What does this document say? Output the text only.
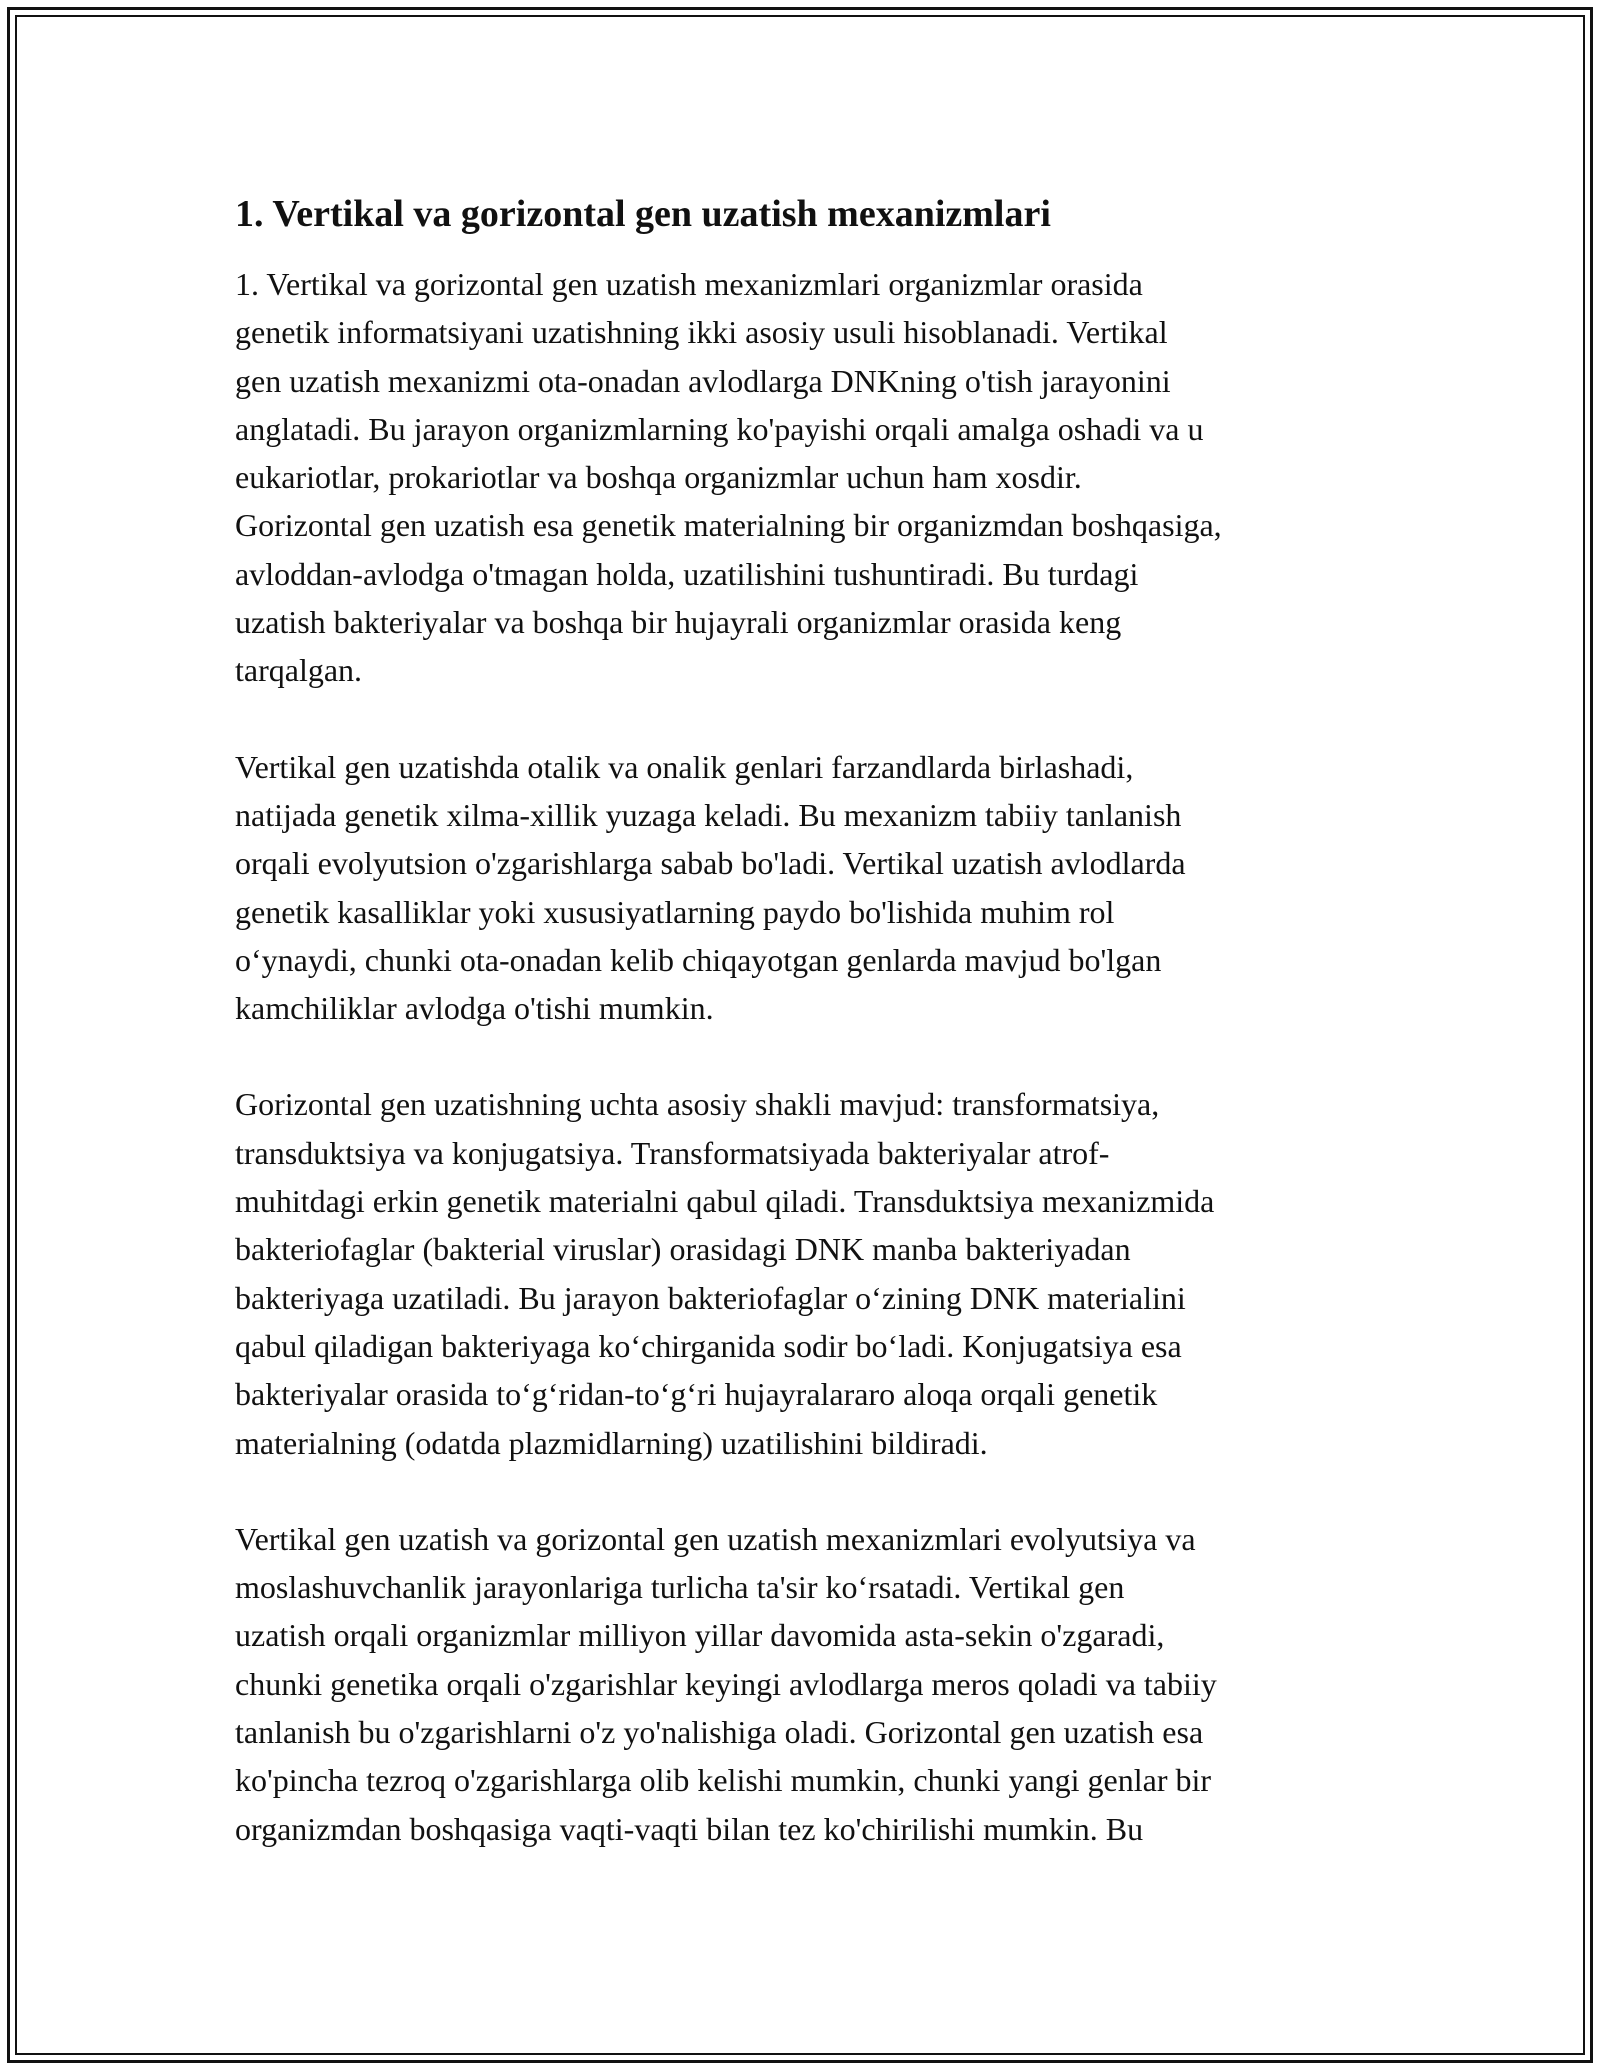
1. Vertikal va gorizontal gen uzatish mexanizmlari

1. Vertikal va gorizontal gen uzatish mexanizmlari organizmlar orasida
genetik informatsiyani uzatishning ikki asosiy usuli hisoblanadi. Vertikal
gen uzatish mexanizmi ota-onadan avlodlarga DNKning o'tish jarayonini
anglatadi. Bu jarayon organizmlarning ko'payishi orqali amalga oshadi va u
eukariotlar, prokariotlar va boshqa organizmlar uchun ham xosdir.
Gorizontal gen uzatish esa genetik materialning bir organizmdan boshqasiga,
avloddan-avlodga o'tmagan holda, uzatilishini tushuntiradi. Bu turdagi
uzatish bakteriyalar va boshqa bir hujayrali organizmlar orasida keng
tarqalgan.

Vertikal gen uzatishda otalik va onalik genlari farzandlarda birlashadi,
natijada genetik xilma-xillik yuzaga keladi. Bu mexanizm tabiiy tanlanish
orqali evolyutsion o'zgarishlarga sabab bo'ladi. Vertikal uzatish avlodlarda
genetik kasalliklar yoki xususiyatlarning paydo bo'lishida muhim rol
o‘ynaydi, chunki ota-onadan kelib chiqayotgan genlarda mavjud bo'lgan
kamchiliklar avlodga o'tishi mumkin.

Gorizontal gen uzatishning uchta asosiy shakli mavjud: transformatsiya,
transduktsiya va konjugatsiya. Transformatsiyada bakteriyalar atrof-
muhitdagi erkin genetik materialni qabul qiladi. Transduktsiya mexanizmida
bakteriofaglar (bakterial viruslar) orasidagi DNK manba bakteriyadan
bakteriyaga uzatiladi. Bu jarayon bakteriofaglar o‘zining DNK materialini
qabul qiladigan bakteriyaga ko‘chirganida sodir bo‘ladi. Konjugatsiya esa
bakteriyalar orasida to‘g‘ridan-to‘g‘ri hujayralararo aloqa orqali genetik
materialning (odatda plazmidlarning) uzatilishini bildiradi.

Vertikal gen uzatish va gorizontal gen uzatish mexanizmlari evolyutsiya va
moslashuvchanlik jarayonlariga turlicha ta'sir ko‘rsatadi. Vertikal gen
uzatish orqali organizmlar milliyon yillar davomida asta-sekin o'zgaradi,
chunki genetika orqali o'zgarishlar keyingi avlodlarga meros qoladi va tabiiy
tanlanish bu o'zgarishlarni o'z yo'nalishiga oladi. Gorizontal gen uzatish esa
ko'pincha tezroq o'zgarishlarga olib kelishi mumkin, chunki yangi genlar bir
organizmdan boshqasiga vaqti-vaqti bilan tez ko'chirilishi mumkin. Bu
